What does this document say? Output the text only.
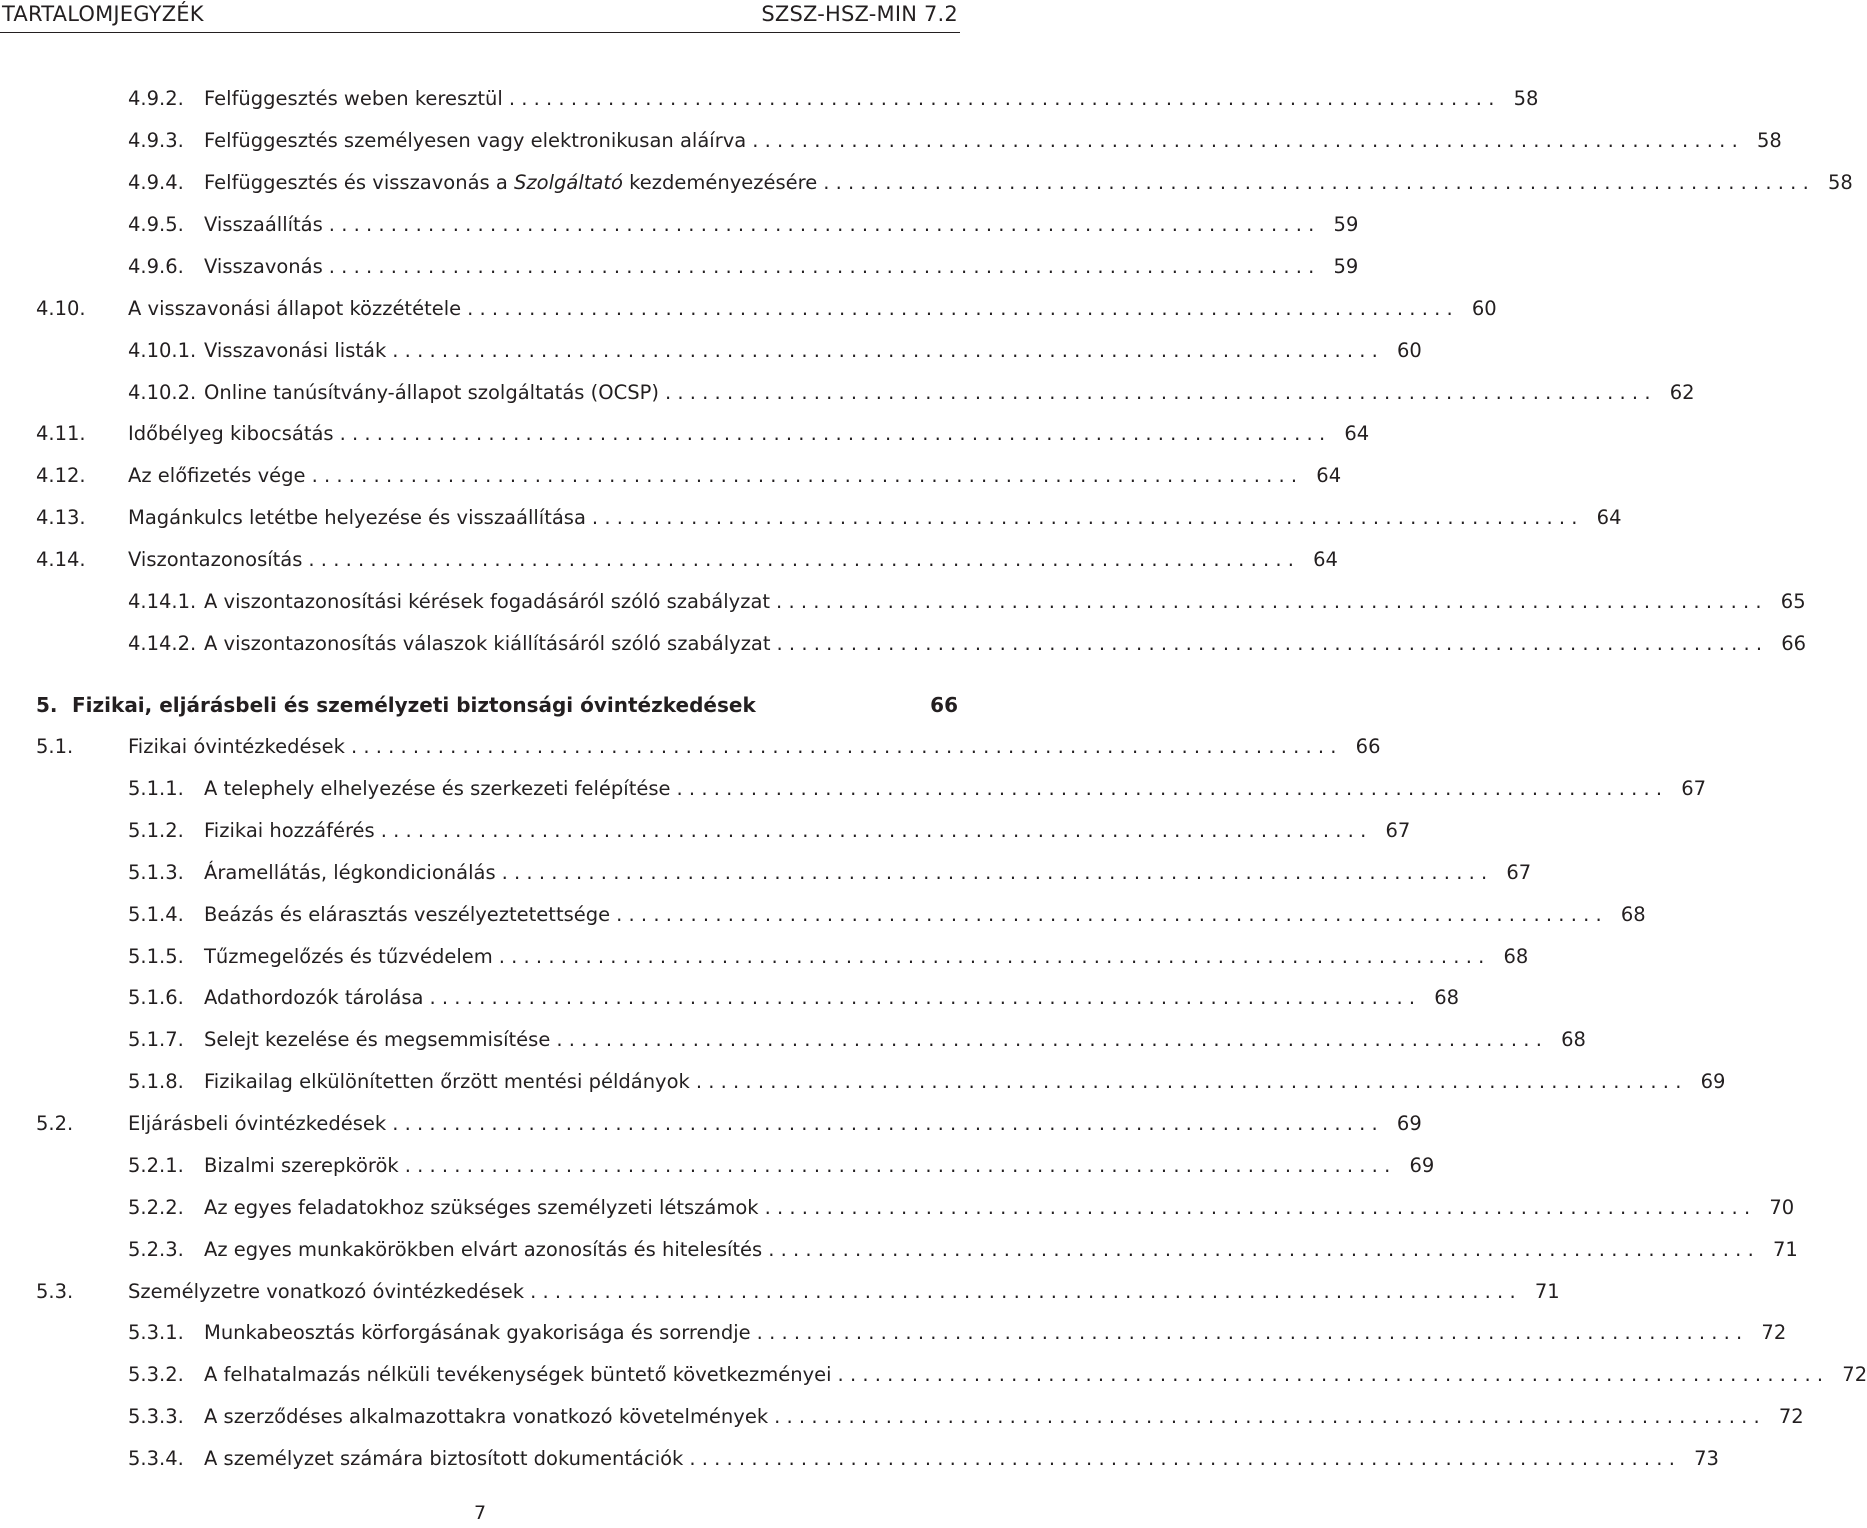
TARTALOMJEGYZÉK	SZSZ-HSZ-MIN 7.2
4.9.2.	Felfüggesztés weben keresztül . . . . . . . . . . . . . . . . . . . . . . . . . . . . . . . . . . . . . . . . . . . . . . . . . . . . . . . . . . . . . . . . . . . . . . . . . . . . . . . . 58
4.9.3.	Felfüggesztés személyesen vagy elektronikusan aláírva . . . . . . . . . . . . . . . . . . . . . . . . . . . . . . . . . . . . . . . . . . . . . . . . . . . . . . . . . . . . . . . . . . . . . . . . . . . . . . . . 58
4.9.4.	Felfüggesztés és visszavonás a Szolgáltató kezdeményezésére . . . . . . . . . . . . . . . . . . . . . . . . . . . . . . . . . . . . . . . . . . . . . . . . . . . . . . . . . . . . . . . . . . . . . . . . . . . . . . . . 58
4.9.5.	Visszaállítás . . . . . . . . . . . . . . . . . . . . . . . . . . . . . . . . . . . . . . . . . . . . . . . . . . . . . . . . . . . . . . . . . . . . . . . . . . . . . . . . 59
4.9.6.	Visszavonás . . . . . . . . . . . . . . . . . . . . . . . . . . . . . . . . . . . . . . . . . . . . . . . . . . . . . . . . . . . . . . . . . . . . . . . . . . . . . . . . 59
4.10.	A visszavonási állapot közzététele . . . . . . . . . . . . . . . . . . . . . . . . . . . . . . . . . . . . . . . . . . . . . . . . . . . . . . . . . . . . . . . . . . . . . . . . . . . . . . . . 60
4.10.1. Visszavonási listák . . . . . . . . . . . . . . . . . . . . . . . . . . . . . . . . . . . . . . . . . . . . . . . . . . . . . . . . . . . . . . . . . . . . . . . . . . . . . . . . 60
4.10.2. Online tanúsítvány-állapot szolgáltatás (OCSP) . . . . . . . . . . . . . . . . . . . . . . . . . . . . . . . . . . . . . . . . . . . . . . . . . . . . . . . . . . . . . . . . . . . . . . . . . . . . . . . . 62
4.11.	Időbélyeg kibocsátás . . . . . . . . . . . . . . . . . . . . . . . . . . . . . . . . . . . . . . . . . . . . . . . . . . . . . . . . . . . . . . . . . . . . . . . . . . . . . . . . 64
4.12.	Az előfizetés vége . . . . . . . . . . . . . . . . . . . . . . . . . . . . . . . . . . . . . . . . . . . . . . . . . . . . . . . . . . . . . . . . . . . . . . . . . . . . . . . . 64
4.13.	Magánkulcs letétbe helyezése és visszaállítása . . . . . . . . . . . . . . . . . . . . . . . . . . . . . . . . . . . . . . . . . . . . . . . . . . . . . . . . . . . . . . . . . . . . . . . . . . . . . . . . 64
4.14.	Viszontazonosítás . . . . . . . . . . . . . . . . . . . . . . . . . . . . . . . . . . . . . . . . . . . . . . . . . . . . . . . . . . . . . . . . . . . . . . . . . . . . . . . . 64
4.14.1. A viszontazonosítási kérések fogadásáról szóló szabályzat . . . . . . . . . . . . . . . . . . . . . . . . . . . . . . . . . . . . . . . . . . . . . . . . . . . . . . . . . . . . . . . . . . . . . . . . . . . . . . . . 65
4.14.2. A viszontazonosítás válaszok kiállításáról szóló szabályzat . . . . . . . . . . . . . . . . . . . . . . . . . . . . . . . . . . . . . . . . . . . . . . . . . . . . . . . . . . . . . . . . . . . . . . . . . . . . . . . . 66
5. Fizikai, eljárásbeli és személyzeti biztonsági óvintézkedések	66
5.1.	Fizikai óvintézkedések . . . . . . . . . . . . . . . . . . . . . . . . . . . . . . . . . . . . . . . . . . . . . . . . . . . . . . . . . . . . . . . . . . . . . . . . . . . . . . . . 66
5.1.1.	A telephely elhelyezése és szerkezeti felépítése . . . . . . . . . . . . . . . . . . . . . . . . . . . . . . . . . . . . . . . . . . . . . . . . . . . . . . . . . . . . . . . . . . . . . . . . . . . . . . . . 67
5.1.2.	Fizikai hozzáférés . . . . . . . . . . . . . . . . . . . . . . . . . . . . . . . . . . . . . . . . . . . . . . . . . . . . . . . . . . . . . . . . . . . . . . . . . . . . . . . . 67
5.1.3.	Áramellátás, légkondicionálás . . . . . . . . . . . . . . . . . . . . . . . . . . . . . . . . . . . . . . . . . . . . . . . . . . . . . . . . . . . . . . . . . . . . . . . . . . . . . . . . 67
5.1.4.	Beázás és elárasztás veszélyeztetettsége . . . . . . . . . . . . . . . . . . . . . . . . . . . . . . . . . . . . . . . . . . . . . . . . . . . . . . . . . . . . . . . . . . . . . . . . . . . . . . . . 68
5.1.5.	Tűzmegelőzés és tűzvédelem . . . . . . . . . . . . . . . . . . . . . . . . . . . . . . . . . . . . . . . . . . . . . . . . . . . . . . . . . . . . . . . . . . . . . . . . . . . . . . . . 68
5.1.6.	Adathordozók tárolása . . . . . . . . . . . . . . . . . . . . . . . . . . . . . . . . . . . . . . . . . . . . . . . . . . . . . . . . . . . . . . . . . . . . . . . . . . . . . . . . 68
5.1.7.	Selejt kezelése és megsemmisítése . . . . . . . . . . . . . . . . . . . . . . . . . . . . . . . . . . . . . . . . . . . . . . . . . . . . . . . . . . . . . . . . . . . . . . . . . . . . . . . . 68
5.1.8.	Fizikailag elkülönítetten őrzött mentési példányok . . . . . . . . . . . . . . . . . . . . . . . . . . . . . . . . . . . . . . . . . . . . . . . . . . . . . . . . . . . . . . . . . . . . . . . . . . . . . . . . 69
5.2.	Eljárásbeli óvintézkedések . . . . . . . . . . . . . . . . . . . . . . . . . . . . . . . . . . . . . . . . . . . . . . . . . . . . . . . . . . . . . . . . . . . . . . . . . . . . . . . . 69
5.2.1.	Bizalmi szerepkörök . . . . . . . . . . . . . . . . . . . . . . . . . . . . . . . . . . . . . . . . . . . . . . . . . . . . . . . . . . . . . . . . . . . . . . . . . . . . . . . . 69
5.2.2.	Az egyes feladatokhoz szükséges személyzeti létszámok . . . . . . . . . . . . . . . . . . . . . . . . . . . . . . . . . . . . . . . . . . . . . . . . . . . . . . . . . . . . . . . . . . . . . . . . . . . . . . . . 70
5.2.3.	Az egyes munkakörökben elvárt azonosítás és hitelesítés . . . . . . . . . . . . . . . . . . . . . . . . . . . . . . . . . . . . . . . . . . . . . . . . . . . . . . . . . . . . . . . . . . . . . . . . . . . . . . . . 71
5.3.	Személyzetre vonatkozó óvintézkedések . . . . . . . . . . . . . . . . . . . . . . . . . . . . . . . . . . . . . . . . . . . . . . . . . . . . . . . . . . . . . . . . . . . . . . . . . . . . . . . . 71
5.3.1.	Munkabeosztás körforgásának gyakorisága és sorrendje . . . . . . . . . . . . . . . . . . . . . . . . . . . . . . . . . . . . . . . . . . . . . . . . . . . . . . . . . . . . . . . . . . . . . . . . . . . . . . . . 72
5.3.2.	A felhatalmazás nélküli tevékenységek büntető következményei . . . . . . . . . . . . . . . . . . . . . . . . . . . . . . . . . . . . . . . . . . . . . . . . . . . . . . . . . . . . . . . . . . . . . . . . . . . . . . . . 72
5.3.3.	A szerződéses alkalmazottakra vonatkozó követelmények . . . . . . . . . . . . . . . . . . . . . . . . . . . . . . . . . . . . . . . . . . . . . . . . . . . . . . . . . . . . . . . . . . . . . . . . . . . . . . . . 72
5.3.4.	A személyzet számára biztosított dokumentációk . . . . . . . . . . . . . . . . . . . . . . . . . . . . . . . . . . . . . . . . . . . . . . . . . . . . . . . . . . . . . . . . . . . . . . . . . . . . . . . . 73
7
